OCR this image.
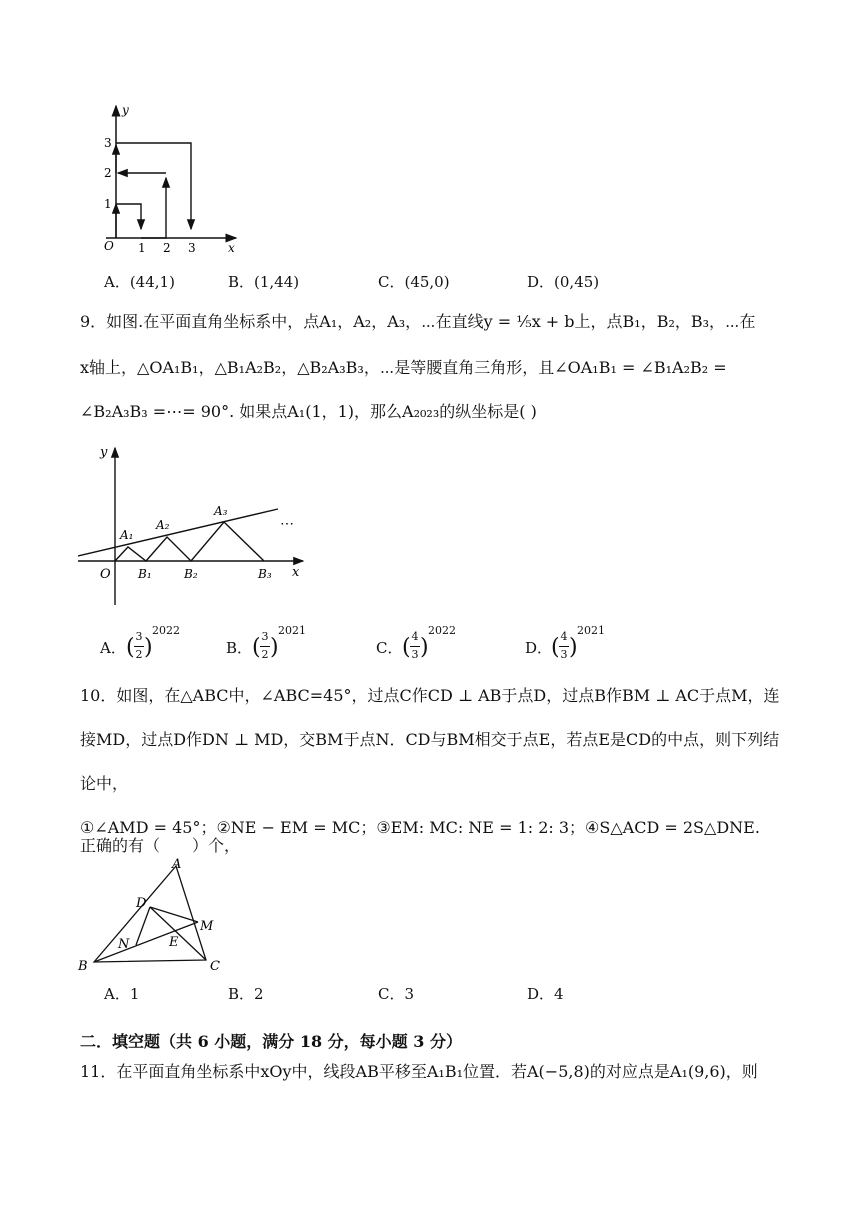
y
x
O 1 2 3
1
2
3
A．(44,1)	B．(1,44)	C．(45,0)	D．(0,45)
9．如图.在平面直角坐标系中，点A₁，A₂，A₃，⋯在直线y = ⅕x + b上，点B₁，B₂，B₃，⋯在
x轴上，△OA₁B₁，△B₁A₂B₂，△B₂A₃B₃，⋯是等腰直角三角形，且∠OA₁B₁ = ∠B₁A₂B₂ =
∠B₂A₃B₃ =⋯= 90°. 如果点A₁(1，1)，那么A₂₀₂₃的纵坐标是( )
y
x
O
A₁
A₂
A₃
B₁	B₂	B₃
⋯
A． ( 3
2 )
2022
B． ( 3
2 )
2021
C． ( 4
3 )
2022
D．
( 4
3 )
2021
10．如图，在△ABC中，∠ABC=45°，过点C作CD ⊥ AB于点D，过点B作BM ⊥ AC于点M，连
接MD，过点D作DN ⊥ MD，交BM于点N．CD与BM相交于点E，若点E是CD的中点，则下列结
论中，
①∠AMD = 45°；②NE − EM = MC；③EM: MC: NE = 1: 2: 3；④S△ACD = 2S△DNE.
正确的有（　　）个，
A
D
M
N	E
B	C
A．1	B．2	C．3	D．4
二．填空题（共 6 小题，满分 18 分，每小题 3 分）
11．在平面直角坐标系中xOy中，线段AB平移至A₁B₁位置．若A(−5,8)的对应点是A₁(9,6)，则
